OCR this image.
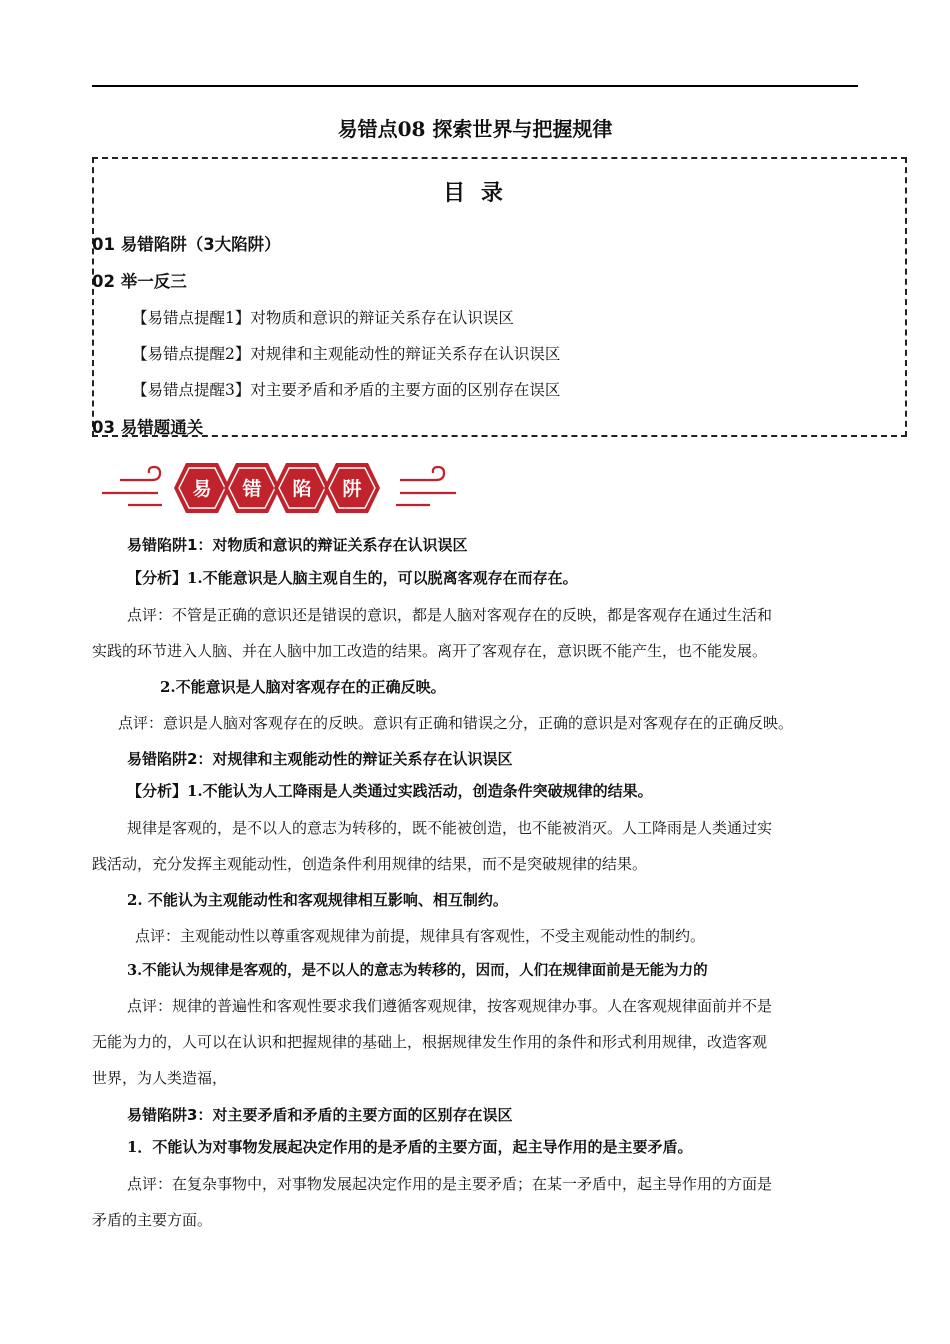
易错点08 探索世界与把握规律
目 录
01 易错陷阱（3大陷阱）
02 举一反三
【易错点提醒1】对物质和意识的辩证关系存在认识误区
【易错点提醒2】对规律和主观能动性的辩证关系存在认识误区
【易错点提醒3】对主要矛盾和矛盾的主要方面的区别存在误区
03 易错题通关
易 错 陷 阱
易错陷阱1：对物质和意识的辩证关系存在认识误区
【分析】1.不能意识是人脑主观自生的，可以脱离客观存在而存在。
点评：不管是正确的意识还是错误的意识，都是人脑对客观存在的反映，都是客观存在通过生活和
实践的环节进入人脑、并在人脑中加工改造的结果。离开了客观存在，意识既不能产生，也不能发展。
2.不能意识是人脑对客观存在的正确反映。
点评：意识是人脑对客观存在的反映。意识有正确和错误之分，正确的意识是对客观存在的正确反映。
易错陷阱2：对规律和主观能动性的辩证关系存在认识误区
【分析】1.不能认为人工降雨是人类通过实践活动，创造条件突破规律的结果。
规律是客观的，是不以人的意志为转移的，既不能被创造，也不能被消灭。人工降雨是人类通过实
践活动，充分发挥主观能动性，创造条件利用规律的结果，而不是突破规律的结果。
2. 不能认为主观能动性和客观规律相互影响、相互制约。
点评：主观能动性以尊重客观规律为前提，规律具有客观性，不受主观能动性的制约。
3.不能认为规律是客观的，是不以人的意志为转移的，因而，人们在规律面前是无能为力的
点评：规律的普遍性和客观性要求我们遵循客观规律，按客观规律办事。人在客观规律面前并不是
无能为力的，人可以在认识和把握规律的基础上，根据规律发生作用的条件和形式利用规律，改造客观
世界，为人类造福，
易错陷阱3：对主要矛盾和矛盾的主要方面的区别存在误区
1．不能认为对事物发展起决定作用的是矛盾的主要方面，起主导作用的是主要矛盾。
点评：在复杂事物中，对事物发展起决定作用的是主要矛盾；在某一矛盾中，起主导作用的方面是
矛盾的主要方面。
